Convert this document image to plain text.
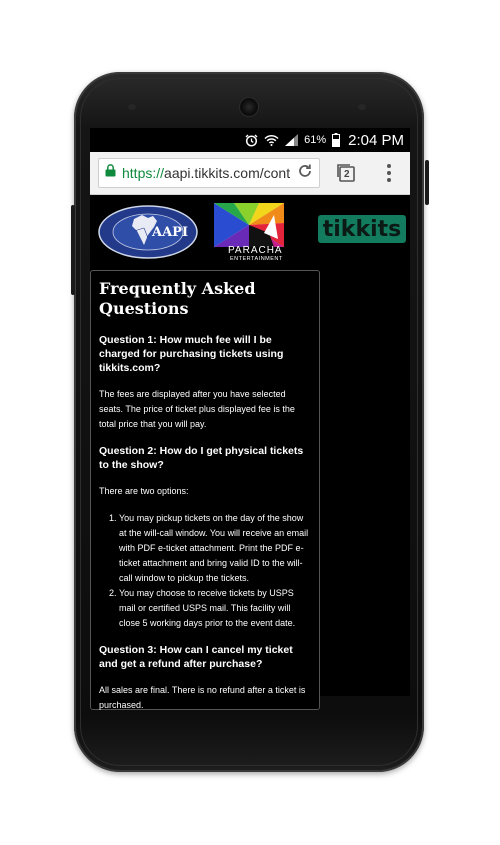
61% 2:04 PM
https://aapi.tikkits.com/cont	2
AAPI
PARACHA
ENTERTAINMENT
tikkits
Frequently Asked Questions
Question 1: How much fee will I be charged for purchasing tickets using tikkits.com?

The fees are displayed after you have selected seats. The price of ticket plus displayed fee is the total price that you will pay.

Question 2: How do I get physical tickets to the show?

There are two options:

1. You may pickup tickets on the day of the show at the will-call window. You will receive an email with PDF e-ticket attachment. Print the PDF e-ticket attachment and bring valid ID to the will-call window to pickup the tickets.
2. You may choose to receive tickets by USPS mail or certified USPS mail. This facility will close 5 working days prior to the event date.
Question 3: How can I cancel my ticket and get a refund after purchase?

All sales are final. There is no refund after a ticket is purchased.
